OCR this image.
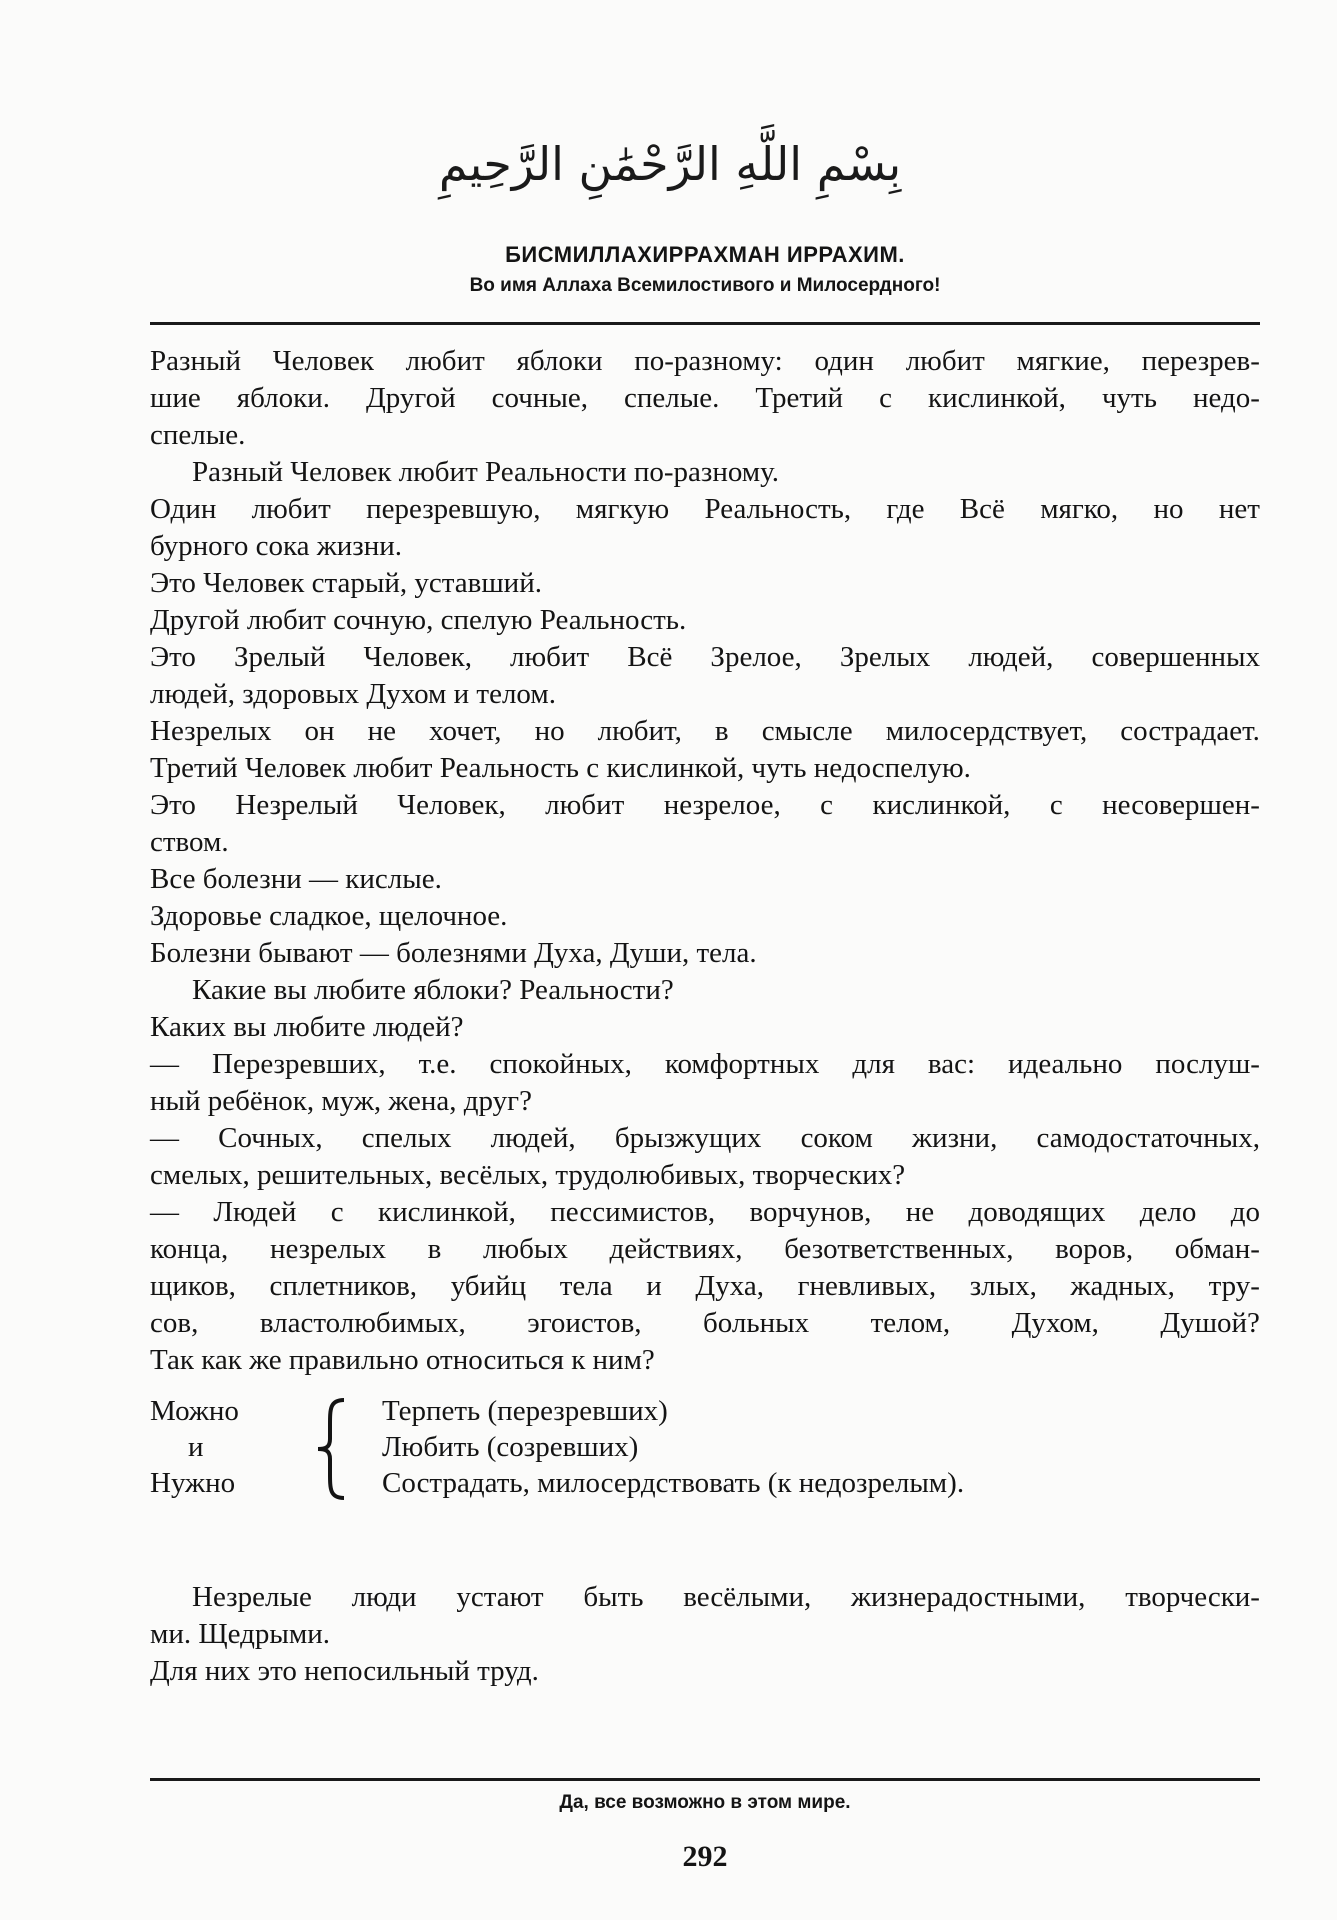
بِسْمِ اللَّهِ الرَّحْمَٰنِ الرَّحِيمِ
БИСМИЛЛАХИРРАХМАН ИРРАХИМ.
Во имя Аллаха Всемилостивого и Милосердного!
Разный Человек любит яблоки по-разному: один любит мягкие, перезрев-
шие яблоки. Другой сочные, спелые. Третий с кислинкой, чуть недо-
спелые.
Разный Человек любит Реальности по-разному.
Один любит перезревшую, мягкую Реальность, где Всё мягко, но нет
бурного сока жизни.
Это Человек старый, уставший.
Другой любит сочную, спелую Реальность.
Это Зрелый Человек, любит Всё Зрелое, Зрелых людей, совершенных
людей, здоровых Духом и телом.
Незрелых он не хочет, но любит, в смысле милосердствует, сострадает.
Третий Человек любит Реальность с кислинкой, чуть недоспелую.
Это Незрелый Человек, любит незрелое, с кислинкой, с несовершен-
ством.
Все болезни — кислые.
Здоровье сладкое, щелочное.
Болезни бывают — болезнями Духа, Души, тела.
Какие вы любите яблоки? Реальности?
Каких вы любите людей?
— Перезревших, т.е. спокойных, комфортных для вас: идеально послуш-
ный ребёнок, муж, жена, друг?
— Сочных, спелых людей, брызжущих соком жизни, самодостаточных,
смелых, решительных, весёлых, трудолюбивых, творческих?
— Людей с кислинкой, пессимистов, ворчунов, не доводящих дело до
конца, незрелых в любых действиях, безответственных, воров, обман-
щиков, сплетников, убийц тела и Духа, гневливых, злых, жадных, тру-
сов, властолюбимых, эгоистов, больных телом, Духом, Душой?
Так как же правильно относиться к ним?
Можно
и
Нужно
Терпеть (перезревших)
Любить (созревших)
Сострадать, милосердствовать (к недозрелым).
Незрелые люди устают быть весёлыми, жизнерадостными, творчески-
ми. Щедрыми.
Для них это непосильный труд.
Да, все возможно в этом мире.
292
